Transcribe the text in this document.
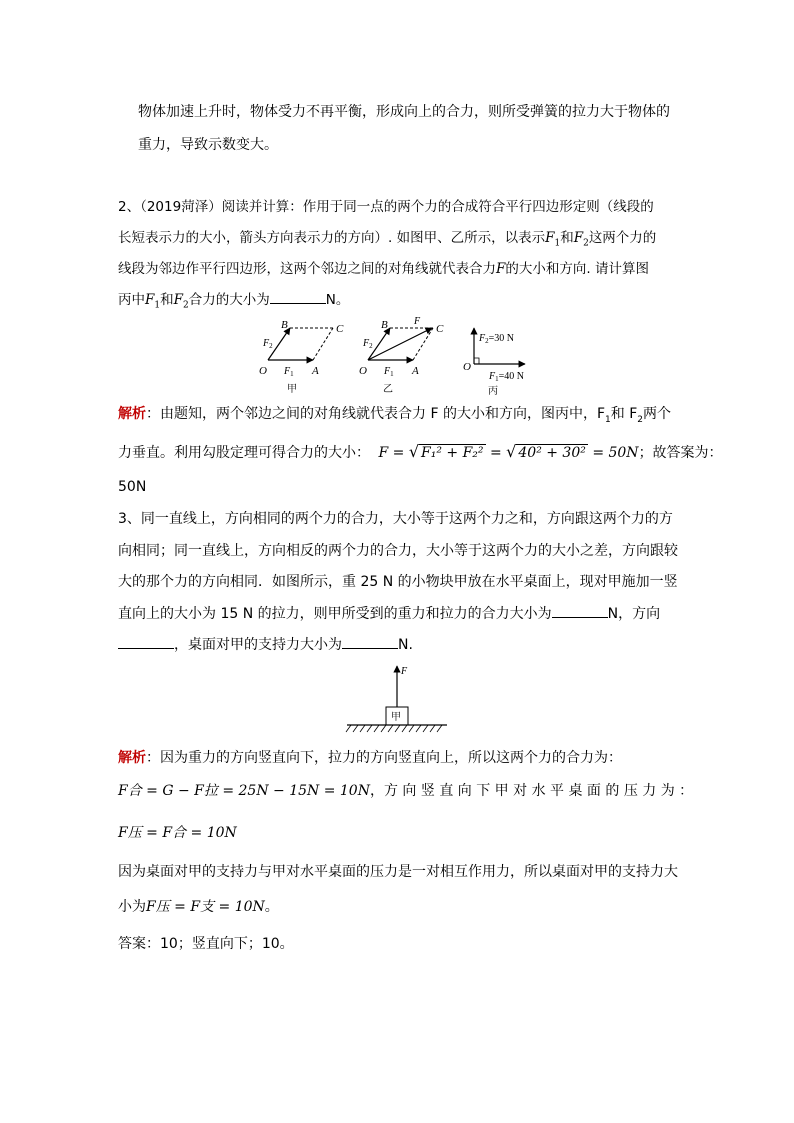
物体加速上升时，物体受力不再平衡，形成向上的合力，则所受弹簧的拉力大于物体的
重力，导致示数变大。
2、（2019菏泽）阅读并计算：作用于同一点的两个力的合成符合平行四边形定则（线段的
长短表示力的大小，箭头方向表示力的方向）. 如图甲、乙所示，以表示$F_1$和$F_2$这两个力的
线段为邻边作平行四边形，这两个邻边之间的对角线就代表合力F的大小和方向. 请计算图
丙中$F_1$和$F_2$合力的大小为	N。
O	A
B	C
$F_1$
$F_2$
甲
O	A
B	C
F
$F_1$
$F_2$
乙
O
$F_2=30$ N
$F_1=40$ N
丙
解析：由题知，两个邻边之间的对角线就代表合力 F 的大小和方向，图丙中，$F_1$和 $F_2$两个
力垂直。利用勾股定理可得合力的大小： F = √ F₁² + F₂² = √ 40² + 30² = 50N；故答案为：
50N
3、同一直线上，方向相同的两个力的合力，大小等于这两个力之和，方向跟这两个力的方
向相同；同一直线上，方向相反的两个力的合力，大小等于这两个力的大小之差，方向跟较
大的那个力的方向相同．如图所示，重 25 N 的小物块甲放在水平桌面上，现对甲施加一竖
直向上的大小为 15 N 的拉力，则甲所受到的重力和拉力的合力大小为	N，方向
，桌面对甲的支持力大小为	N.
F
甲
解析：因为重力的方向竖直向下，拉力的方向竖直向上，所以这两个力的合力为：
F合 = G − F拉 = 25N − 15N = 10N，方 向 竖 直 向 下 甲 对 水 平 桌 面 的 压 力 为 ：
F压 = F合 = 10N
因为桌面对甲的支持力与甲对水平桌面的压力是一对相互作用力，所以桌面对甲的支持力大
小为F压 = F支 = 10N。
答案：10；竖直向下；10。
